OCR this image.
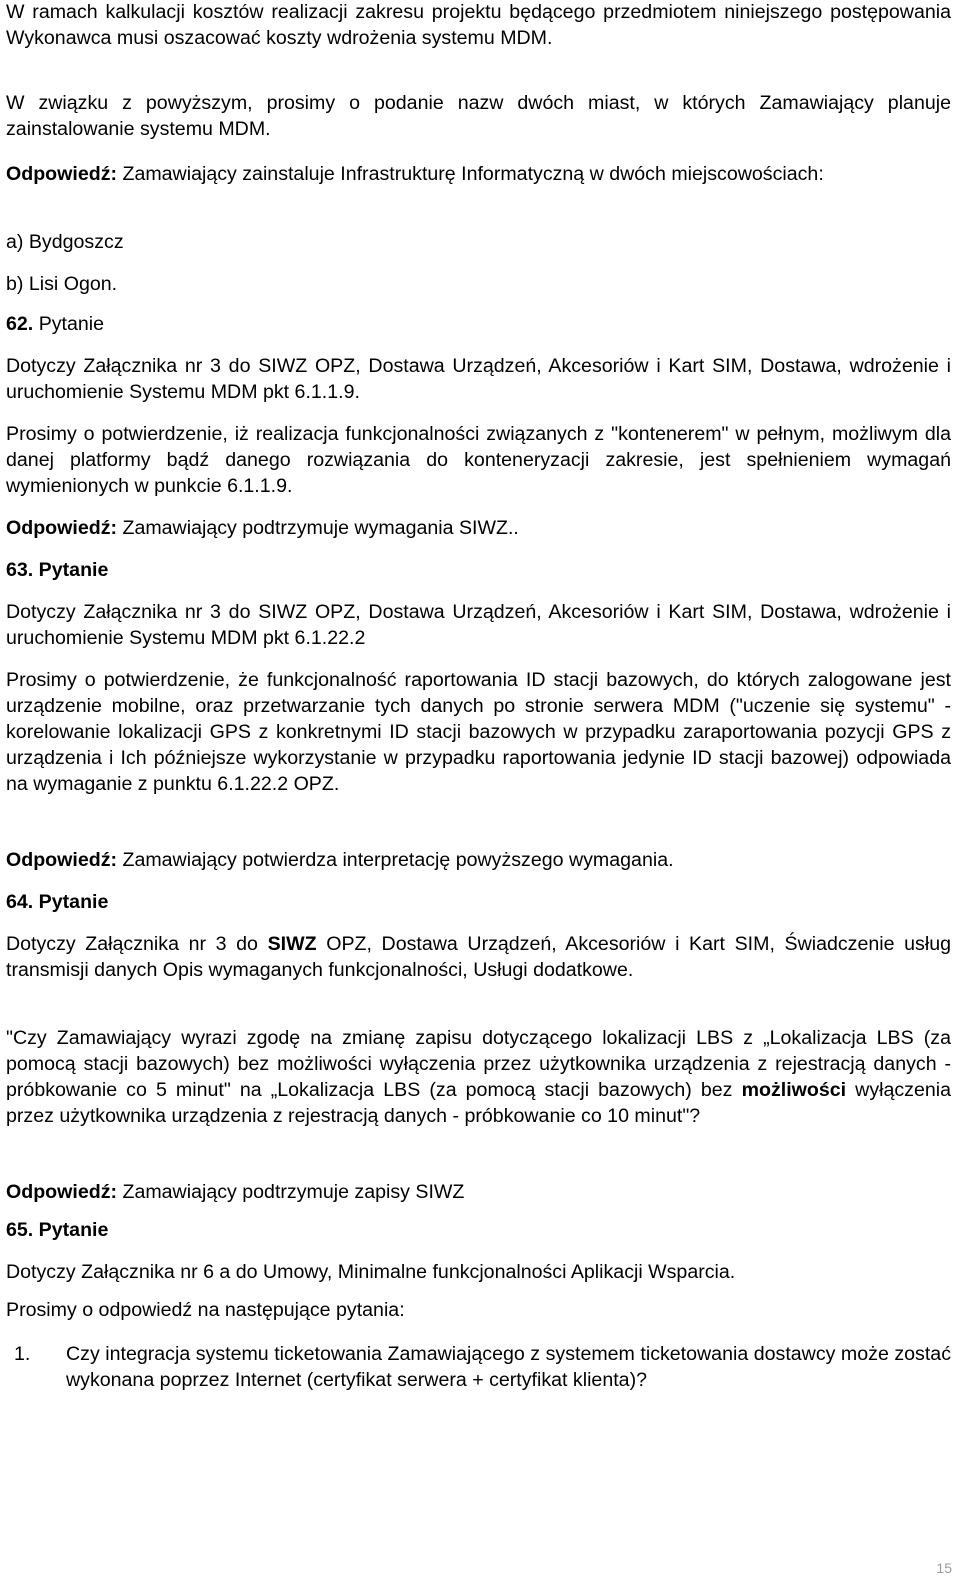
W ramach kalkulacji kosztów realizacji zakresu projektu będącego przedmiotem niniejszego postępowania Wykonawca musi oszacować koszty wdrożenia systemu MDM.

W związku z powyższym, prosimy o podanie nazw dwóch miast, w których Zamawiający planuje zainstalowanie systemu MDM.

Odpowiedź: Zamawiający zainstaluje Infrastrukturę Informatyczną w dwóch miejscowościach:

a) Bydgoszcz

b) Lisi Ogon.

62. Pytanie

Dotyczy Załącznika nr 3 do SIWZ OPZ, Dostawa Urządzeń, Akcesoriów i Kart SIM, Dostawa, wdrożenie i uruchomienie Systemu MDM pkt 6.1.1.9.

Prosimy o potwierdzenie, iż realizacja funkcjonalności związanych z "kontenerem" w pełnym, możliwym dla danej platformy bądź danego rozwiązania do konteneryzacji zakresie, jest spełnieniem wymagań wymienionych w punkcie 6.1.1.9.

Odpowiedź: Zamawiający podtrzymuje wymagania SIWZ..

63. Pytanie

Dotyczy Załącznika nr 3 do SIWZ OPZ, Dostawa Urządzeń, Akcesoriów i Kart SIM, Dostawa, wdrożenie i uruchomienie Systemu MDM pkt 6.1.22.2

Prosimy o potwierdzenie, że funkcjonalność raportowania ID stacji bazowych, do których zalogowane jest urządzenie mobilne, oraz przetwarzanie tych danych po stronie serwera MDM ("uczenie się systemu" - korelowanie lokalizacji GPS z konkretnymi ID stacji bazowych w przypadku zaraportowania pozycji GPS z urządzenia i Ich późniejsze wykorzystanie w przypadku raportowania jedynie ID stacji bazowej) odpowiada na wymaganie z punktu 6.1.22.2 OPZ.

Odpowiedź: Zamawiający potwierdza interpretację powyższego wymagania.

64. Pytanie

Dotyczy Załącznika nr 3 do SIWZ OPZ, Dostawa Urządzeń, Akcesoriów i Kart SIM, Świadczenie usług transmisji danych Opis wymaganych funkcjonalności, Usługi dodatkowe.

"Czy Zamawiający wyrazi zgodę na zmianę zapisu dotyczącego lokalizacji LBS z „Lokalizacja LBS (za pomocą stacji bazowych) bez możliwości wyłączenia przez użytkownika urządzenia z rejestracją danych - próbkowanie co 5 minut" na „Lokalizacja LBS (za pomocą stacji bazowych) bez możliwości wyłączenia przez użytkownika urządzenia z rejestracją danych - próbkowanie co 10 minut"?

Odpowiedź: Zamawiający podtrzymuje zapisy SIWZ

65. Pytanie

Dotyczy Załącznika nr 6 a do Umowy, Minimalne funkcjonalności Aplikacji Wsparcia.

Prosimy o odpowiedź na następujące pytania:

1. Czy integracja systemu ticketowania Zamawiającego z systemem ticketowania dostawcy może zostać wykonana poprzez Internet (certyfikat serwera + certyfikat klienta)?
15
